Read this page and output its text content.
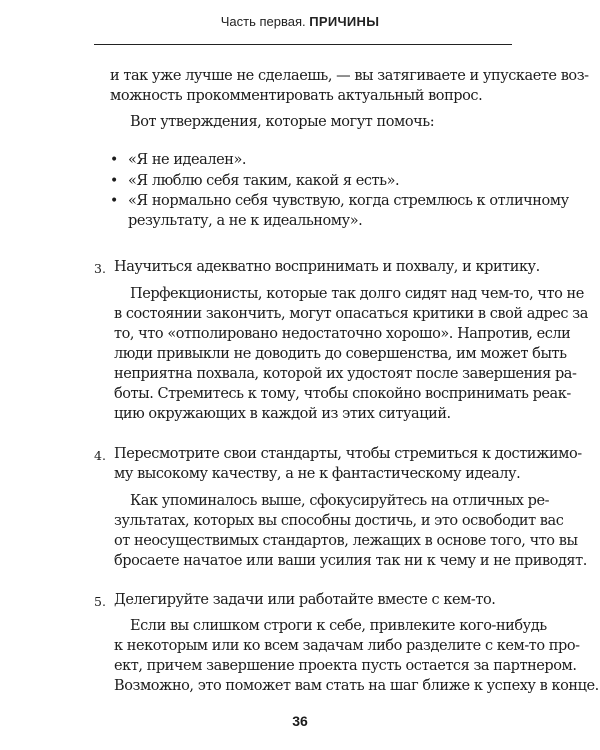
Часть первая. ПРИЧИНЫ
и так уже лучше не сделаешь, — вы затягиваете и упускаете воз-
можность прокомментировать актуальный вопрос.
Вот утверждения, которые могут помочь:
• «Я не идеален».
• «Я люблю себя таким, какой я есть».
• «Я нормально себя чувствую, когда стремлюсь к отличному
результату, а не к идеальному».
3. Научиться адекватно воспринимать и похвалу, и критику.
Перфекционисты, которые так долго сидят над чем-то, что не
в состоянии закончить, могут опасаться критики в свой адрес за
то, что «отполировано недостаточно хорошо». Напротив, если
люди привыкли не доводить до совершенства, им может быть
неприятна похвала, которой их удостоят после завершения ра-
боты. Стремитесь к тому, чтобы спокойно воспринимать реак-
цию окружающих в каждой из этих ситуаций.
4. Пересмотрите свои стандарты, чтобы стремиться к достижимо-
му высокому качеству, а не к фантастическому идеалу.
Как упоминалось выше, сфокусируйтесь на отличных ре-
зультатах, которых вы способны достичь, и это освободит вас
от неосуществимых стандартов, лежащих в основе того, что вы
бросаете начатое или ваши усилия так ни к чему и не приводят.
5. Делегируйте задачи или работайте вместе с кем-то.
Если вы слишком строги к себе, привлеките кого-нибудь
к некоторым или ко всем задачам либо разделите с кем-то про-
ект, причем завершение проекта пусть остается за партнером.
Возможно, это поможет вам стать на шаг ближе к успеху в конце.
36
